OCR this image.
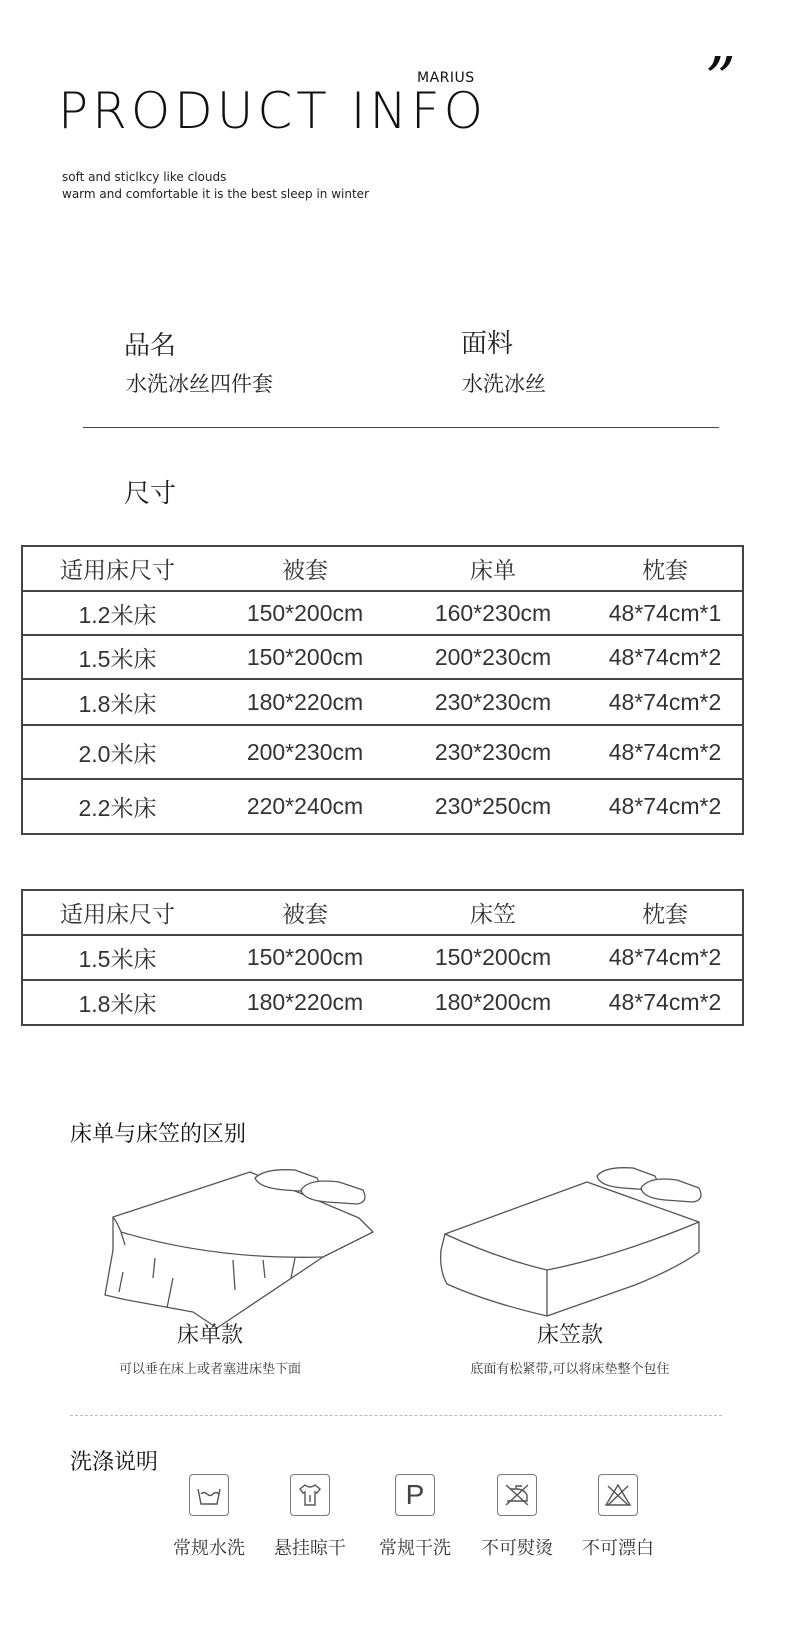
MARIUS
PRODUCT INFO	”
soft and sticlkcy like clouds
warm and comfortable it is the best sleep in winter
品名
水洗冰丝四件套
面料
水洗冰丝
尺寸
适用床尺寸	被套	床单	枕套
1.2米床	150*200cm	160*230cm	48*74cm*1
1.5米床	150*200cm	200*230cm	48*74cm*2
1.8米床	180*220cm	230*230cm	48*74cm*2
2.0米床	200*230cm	230*230cm	48*74cm*2
2.2米床	220*240cm	230*250cm	48*74cm*2
适用床尺寸	被套	床笠	枕套
1.5米床	150*200cm	150*200cm	48*74cm*2
1.8米床	180*220cm	180*200cm	48*74cm*2
床单与床笠的区别
床单款
可以垂在床上或者塞进床垫下面
床笠款
底面有松紧带,可以将床垫整个包住
洗涤说明
P
常规水洗	悬挂晾干	常规干洗	不可熨烫	不可漂白
